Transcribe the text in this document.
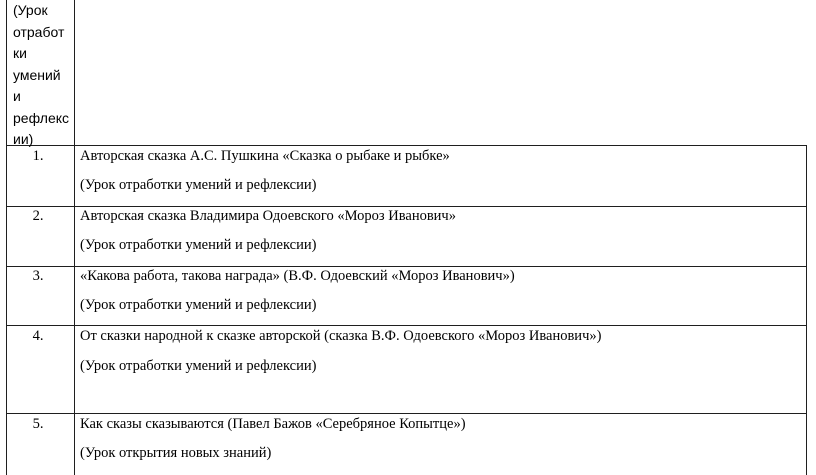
(Урок
отработ
ки
умений
и
рефлекс
ии)
1.	Авторская сказка А.С. Пушкина «Сказка о рыбаке и рыбке»
(Урок отработки умений и рефлексии)
2.	Авторская сказка Владимира Одоевского «Мороз Иванович»
(Урок отработки умений и рефлексии)
3.	«Какова работа, такова награда» (В.Ф. Одоевский «Мороз Иванович»)
(Урок отработки умений и рефлексии)
4.	От сказки народной к сказке авторской (сказка В.Ф. Одоевского «Мороз Иванович»)
(Урок отработки умений и рефлексии)
5.	Как сказы сказываются (Павел Бажов «Серебряное Копытце»)
(Урок открытия новых знаний)
